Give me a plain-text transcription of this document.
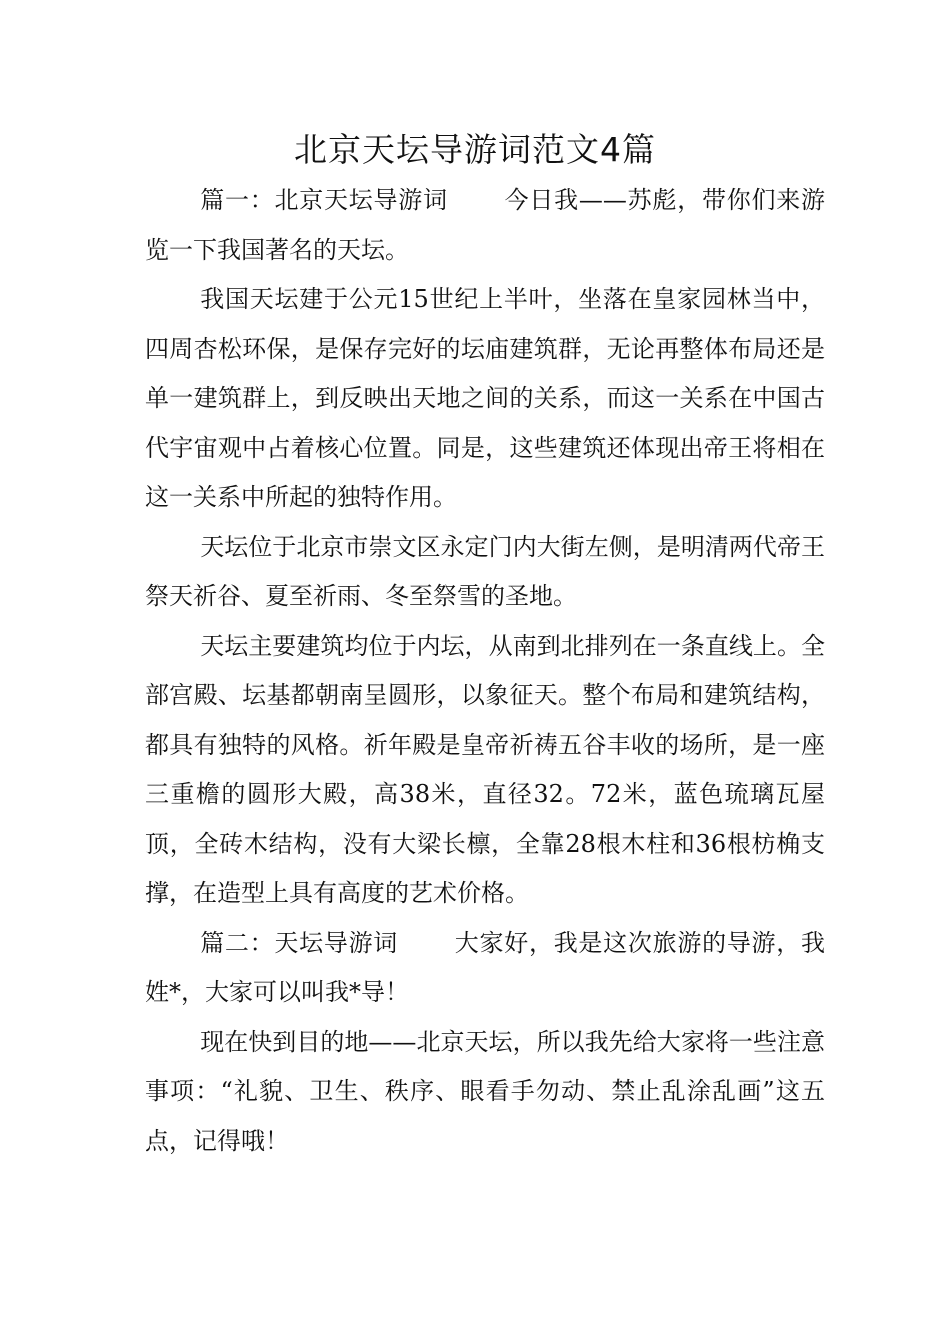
北京天坛导游词范文4篇

篇一：北京天坛导游词 今日我——苏彪，带你们来游览一下我国著名的天坛。

我国天坛建于公元15世纪上半叶，坐落在皇家园林当中，四周杏松环保，是保存完好的坛庙建筑群，无论再整体布局还是单一建筑群上，到反映出天地之间的关系，而这一关系在中国古代宇宙观中占着核心位置。同是，这些建筑还体现出帝王将相在这一关系中所起的独特作用。

天坛位于北京市崇文区永定门内大街左侧，是明清两代帝王祭天祈谷、夏至祈雨、冬至祭雪的圣地。

天坛主要建筑均位于内坛，从南到北排列在一条直线上。全部宫殿、坛基都朝南呈圆形，以象征天。整个布局和建筑结构，都具有独特的风格。祈年殿是皇帝祈祷五谷丰收的场所，是一座三重檐的圆形大殿，高38米，直径32。72米，蓝色琉璃瓦屋顶，全砖木结构，没有大梁长檩，全靠28根木柱和36根枋桷支撑，在造型上具有高度的艺术价格。

篇二：天坛导游词 大家好，我是这次旅游的导游，我姓*，大家可以叫我*导！

现在快到目的地——北京天坛，所以我先给大家将一些注意事项：“礼貌、卫生、秩序、眼看手勿动、禁止乱涂乱画”这五点，记得哦！
